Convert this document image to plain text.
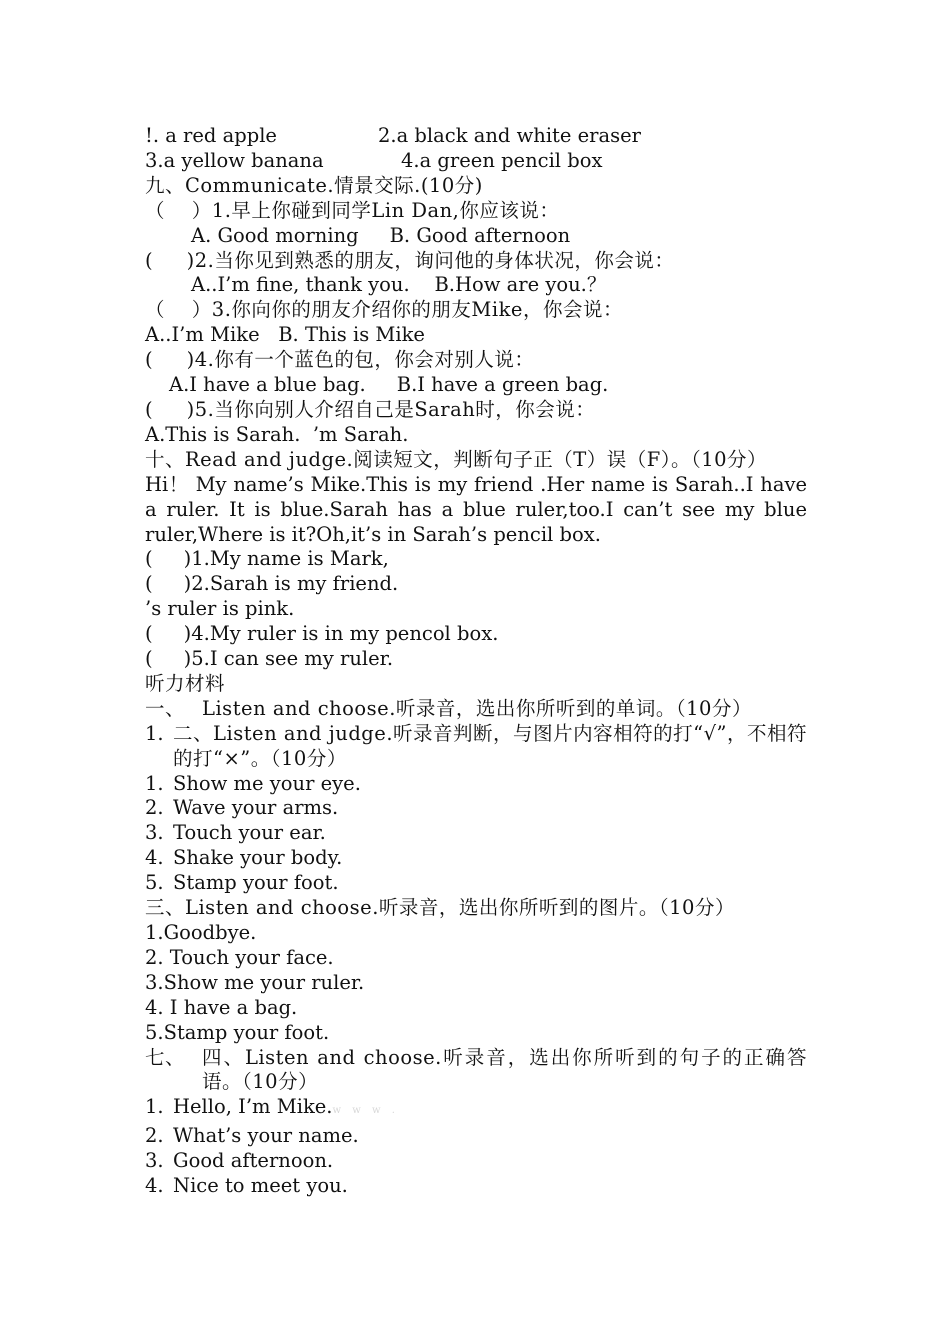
!. a red apple	2.a black and white eraser
3.a yellow banana	4.a green pencil box
九、Communicate.情景交际.(10分)
（    ）1.早上你碰到同学Lin Dan,你应该说：
A. Good morning     B. Good afternoon
(     )2.当你见到熟悉的朋友，询问他的身体状况，你会说：
A..I’m fine, thank you.    B.How are you.？
（    ）3.你向你的朋友介绍你的朋友Mike，你会说：
A..I’m Mike   B. This is Mike
(     )4.你有一个蓝色的包，你会对别人说：
A.I have a blue bag.     B.I have a green bag.
(     )5.当你向别人介绍自己是Sarah时，你会说：
A.This is Sarah.  ’m Sarah.
十、Read and judge.阅读短文，判断句子正（T）误（F）。（10分）
Hi！ My name’s Mike.This is my friend .Her name is Sarah..I have a ruler. It is blue.Sarah has a blue ruler,too.I can’t see my blue ruler,Where is it?Oh,it’s in Sarah’s pencil box.
(     )1.My name is Mark,
(     )2.Sarah is my friend.
’s ruler is pink.
(     )4.My ruler is in my pencol box.
(     )5.I can see my ruler.
听力材料
一、 Listen and choose.听录音，选出你所听到的单词。（10分）
1. 二、Listen and judge.听录音判断，与图片内容相符的打“√”，不相符的打“×”。（10分）
1. Show me your eye.
2. Wave your arms.
3. Touch your ear.
4. Shake your body.
5. Stamp your foot.
三、Listen and choose.听录音，选出你所听到的图片。（10分）
1.Goodbye.
2. Touch your face.
3.Show me your ruler.
4. I have a bag.
5.Stamp your foot.
七、 四、Listen and choose.听录音，选出你所听到的句子的正确答语。（10分）
1. Hello, I’m Mike.w w w .
2. What’s your name.
3. Good afternoon.
4. Nice to meet you.
